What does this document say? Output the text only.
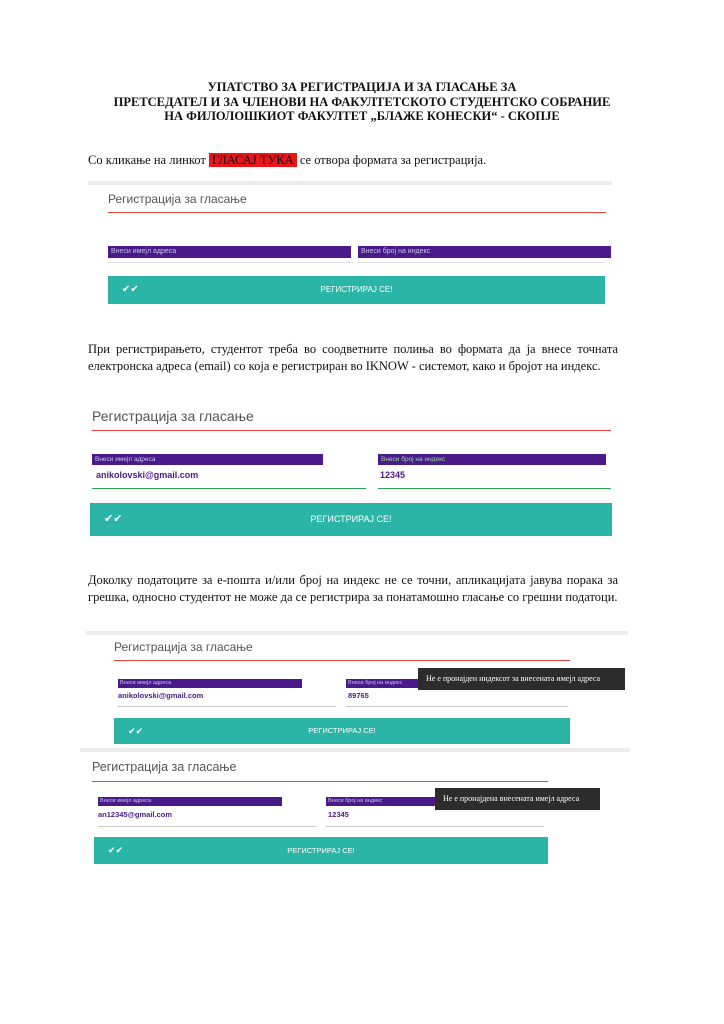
УПАТСТВО ЗА РЕГИСТРАЦИЈА И ЗА ГЛАСАЊЕ ЗА
ПРЕТСЕДАТЕЛ И ЗА ЧЛЕНОВИ НА ФАКУЛТЕТСКОТО СТУДЕНТСКО СОБРАНИЕ
НА ФИЛОЛОШКИОТ ФАКУЛТЕТ „БЛАЖЕ КОНЕСКИ“ - СКОПЈЕ
Со кликање на линкот ГЛАСАЈ ТУКА се отвора формата за регистрација.
Регистрација за гласање
Внеси имејл адреса	Внеси број на индекс
✔✔	РЕГИСТРИРАЈ СЕ!
При регистрирањето, студентот треба во соодветните полиња во формата да ја внесе точната електронска адреса (email) со која е регистриран во IKNOW - системот, како и бројот на индекс.
Регистрација за гласање
Внеси имејл адреса	Внеси број на индекс
anikolovski@gmail.com	12345
✔✔	РЕГИСТРИРАЈ СЕ!
Доколку податоците за е-пошта и/или број на индекс не се точни, апликацијата јавува порака за грешка, односно студентот не може да се регистрира за понатамошно гласање со грешни податоци.
Регистрација за гласање
Внеси имејл адреса	Внеси број на индекс
anikolovski@gmail.com	89765
✔✔	РЕГИСТРИРАЈ СЕ!
Не е пронајден индексот за внесената имејл адреса
Регистрација за гласање
Внеси имејл адреса	Внеси број на индекс
an12345@gmail.com	12345
✔✔	РЕГИСТРИРАЈ СЕ!
Не е пронајдена внесената имејл адреса
